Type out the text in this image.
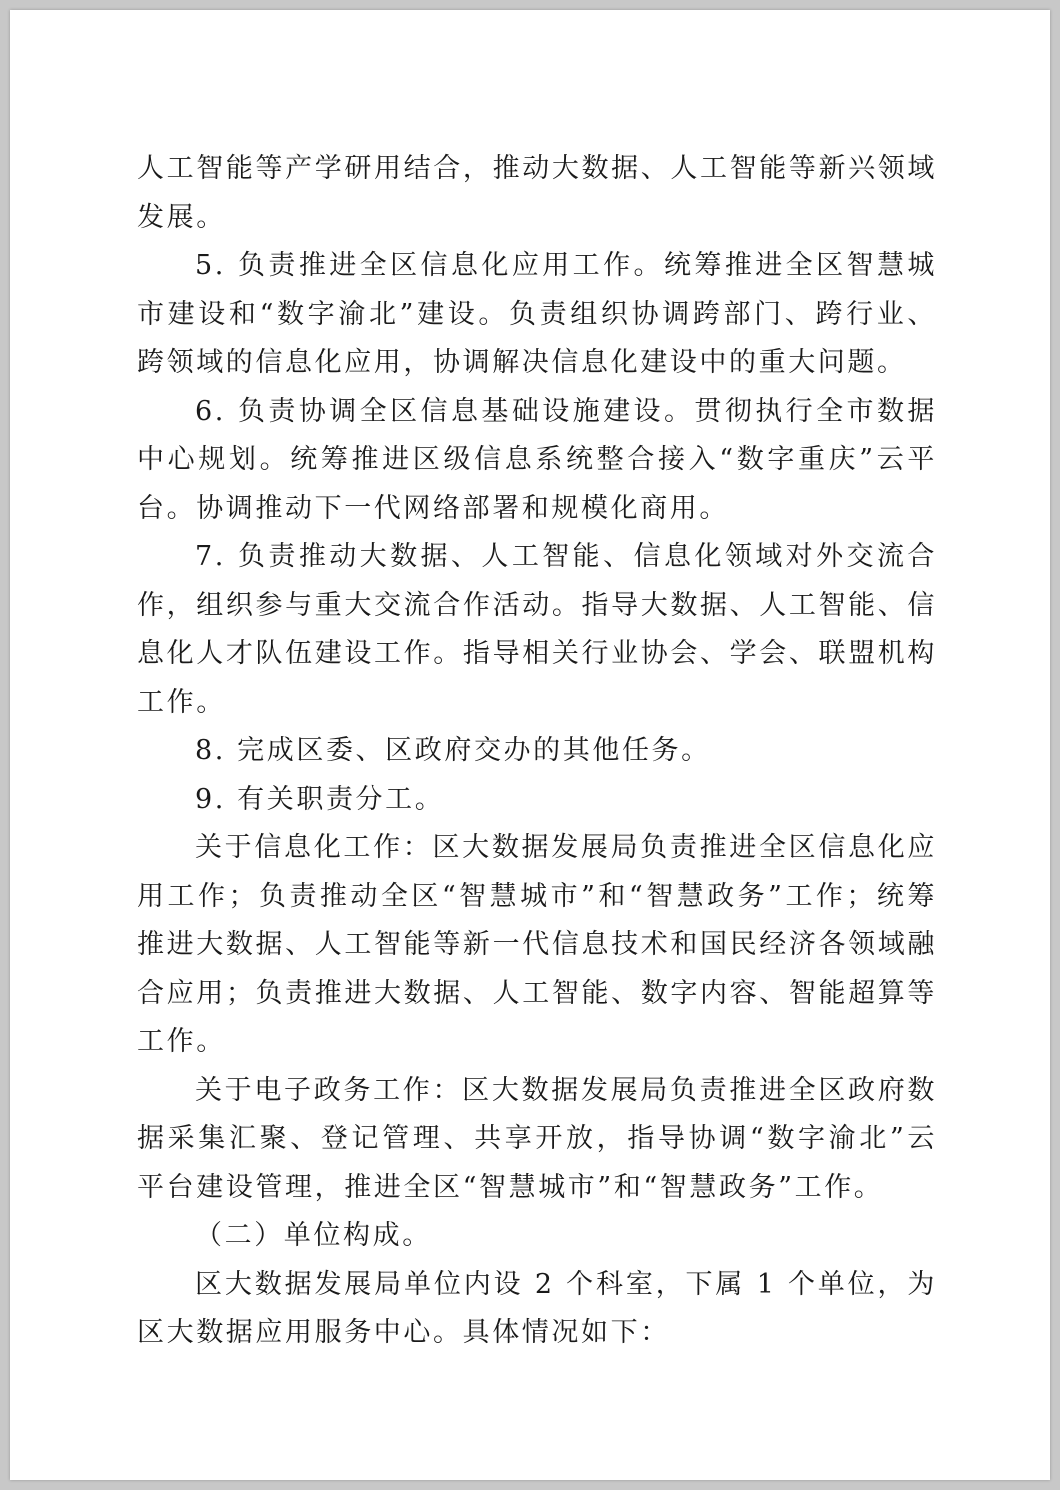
人工智能等产学研用结合，推动大数据、人工智能等新兴领域发展。

5. 负责推进全区信息化应用工作。统筹推进全区智慧城市建设和“数字渝北”建设。负责组织协调跨部门、跨行业、跨领域的信息化应用，协调解决信息化建设中的重大问题。

6. 负责协调全区信息基础设施建设。贯彻执行全市数据中心规划。统筹推进区级信息系统整合接入“数字重庆”云平台。协调推动下一代网络部署和规模化商用。

7. 负责推动大数据、人工智能、信息化领域对外交流合作，组织参与重大交流合作活动。指导大数据、人工智能、信息化人才队伍建设工作。指导相关行业协会、学会、联盟机构工作。

8. 完成区委、区政府交办的其他任务。

9. 有关职责分工。

关于信息化工作：区大数据发展局负责推进全区信息化应用工作；负责推动全区“智慧城市”和“智慧政务”工作；统筹推进大数据、人工智能等新一代信息技术和国民经济各领域融合应用；负责推进大数据、人工智能、数字内容、智能超算等工作。

关于电子政务工作：区大数据发展局负责推进全区政府数据采集汇聚、登记管理、共享开放，指导协调“数字渝北”云平台建设管理，推进全区“智慧城市”和“智慧政务”工作。

（二）单位构成。

区大数据发展局单位内设 2 个科室，下属 1 个单位，为区大数据应用服务中心。具体情况如下：
